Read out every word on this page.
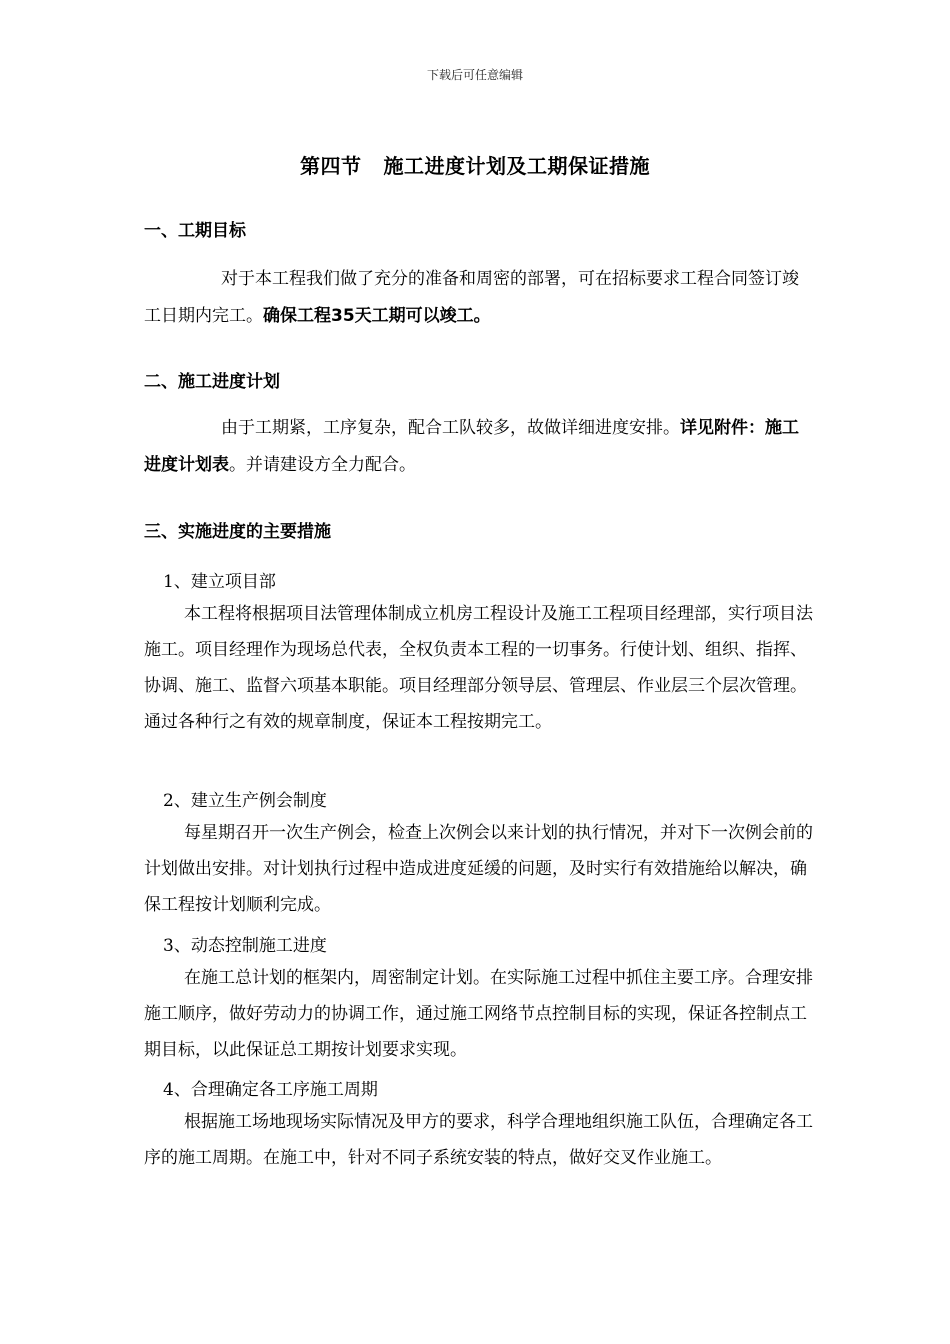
下载后可任意编辑
第四节 施工进度计划及工期保证措施
一、工期目标

对于本工程我们做了充分的准备和周密的部署，可在招标要求工程合同签订竣工日期内完工。确保工程35天工期可以竣工。

二、施工进度计划

由于工期紧，工序复杂，配合工队较多，故做详细进度安排。详见附件：施工进度计划表。并请建设方全力配合。

三、实施进度的主要措施
1、建立项目部

本工程将根据项目法管理体制成立机房工程设计及施工工程项目经理部，实行项目法施工。项目经理作为现场总代表，全权负责本工程的一切事务。行使计划、组织、指挥、协调、施工、监督六项基本职能。项目经理部分领导层、管理层、作业层三个层次管理。通过各种行之有效的规章制度，保证本工程按期完工。

2、建立生产例会制度

每星期召开一次生产例会，检查上次例会以来计划的执行情况，并对下一次例会前的计划做出安排。对计划执行过程中造成进度延缓的问题，及时实行有效措施给以解决，确保工程按计划顺利完成。

3、动态控制施工进度

在施工总计划的框架内，周密制定计划。在实际施工过程中抓住主要工序。合理安排施工顺序，做好劳动力的协调工作，通过施工网络节点控制目标的实现，保证各控制点工期目标，以此保证总工期按计划要求实现。

4、合理确定各工序施工周期

根据施工场地现场实际情况及甲方的要求，科学合理地组织施工队伍，合理确定各工序的施工周期。在施工中，针对不同子系统安装的特点，做好交叉作业施工。
